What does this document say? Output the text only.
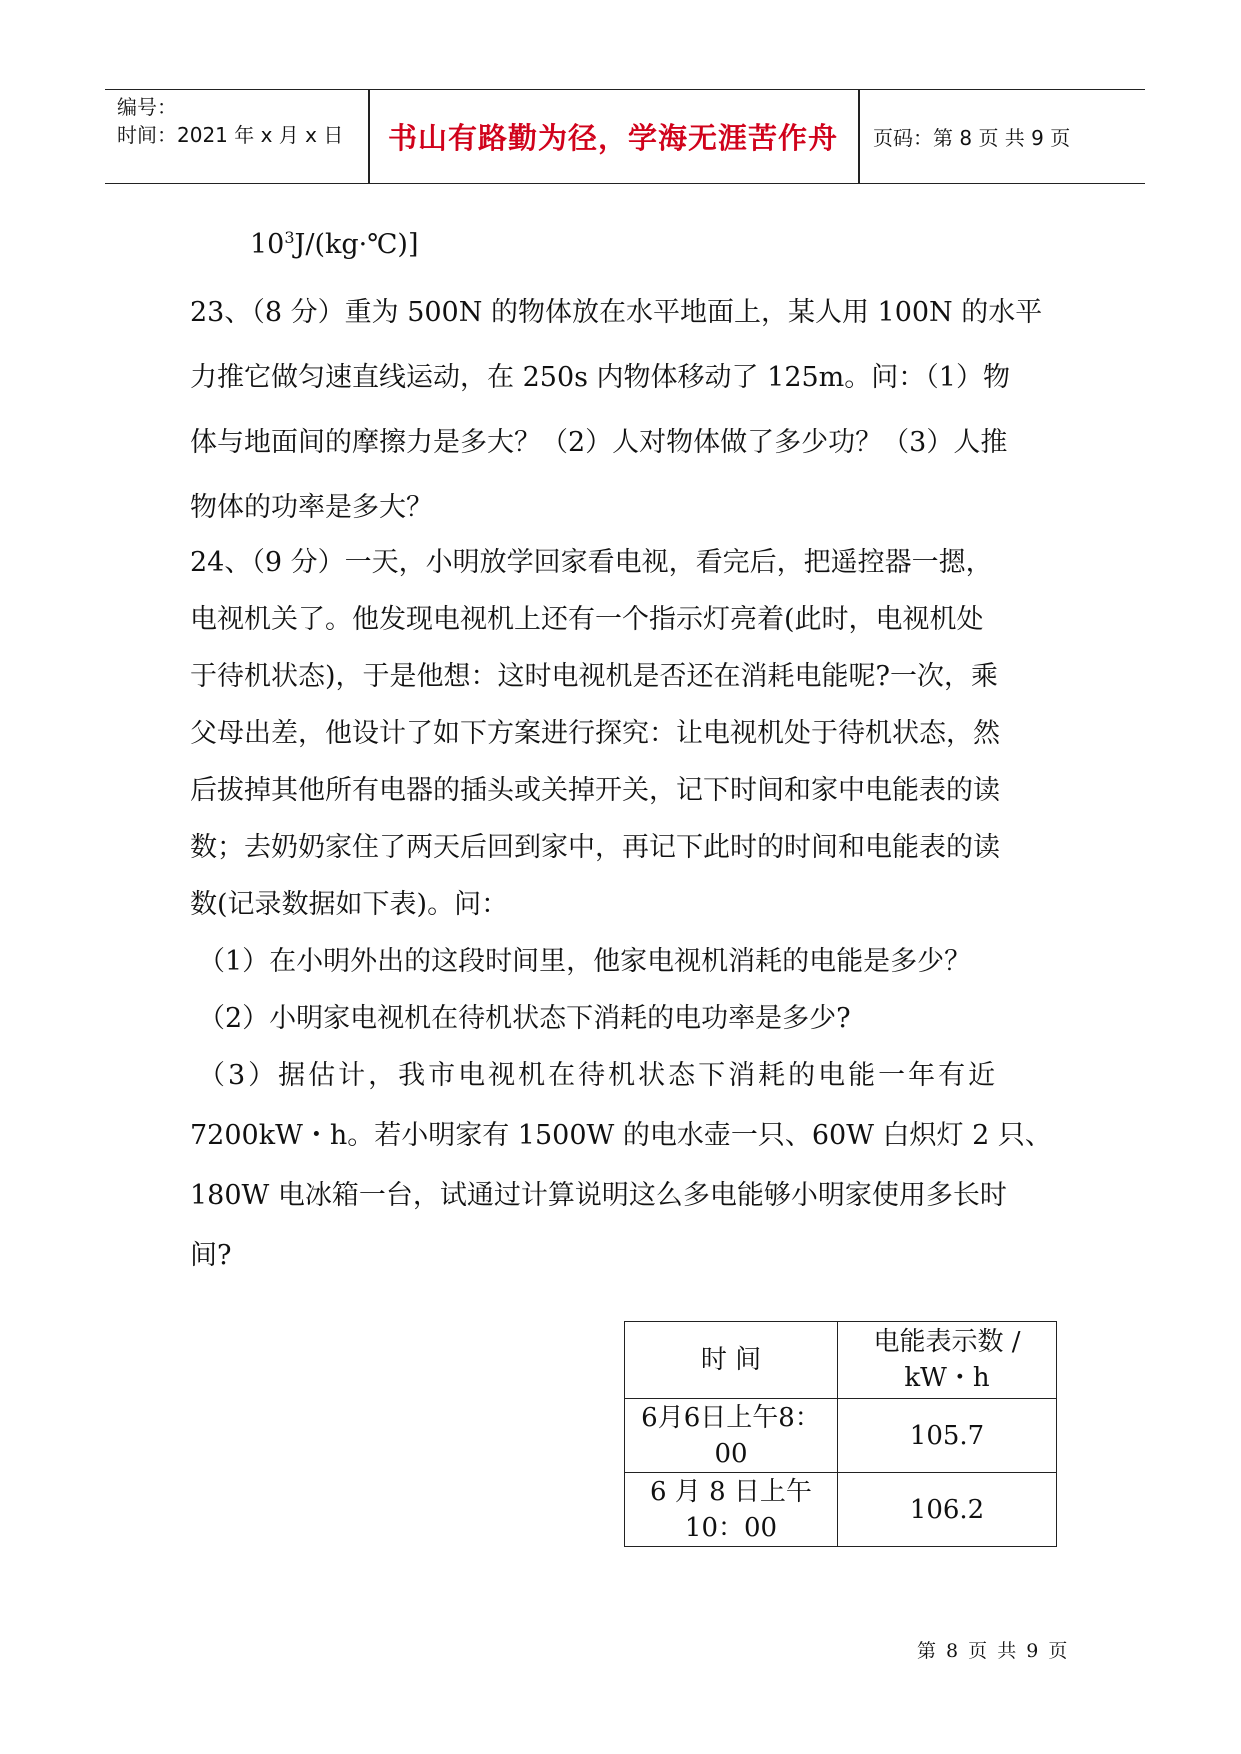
编号：
时间：2021 年 x 月 x 日	书山有路勤为径，学海无涯苦作舟	页码：第 8 页 共 9 页
$10^3J/(kg\cdot℃)$]
23、（8 分）重为 500N 的物体放在水平地面上，某人用 100N 的水平
力推它做匀速直线运动，在 250s 内物体移动了 125m。问：（1）物
体与地面间的摩擦力是多大？（2）人对物体做了多少功？（3）人推
物体的功率是多大？
24、（9 分）一天，小明放学回家看电视，看完后，把遥控器一摁，
电视机关了。他发现电视机上还有一个指示灯亮着(此时，电视机处
于待机状态)，于是他想：这时电视机是否还在消耗电能呢?一次，乘
父母出差，他设计了如下方案进行探究：让电视机处于待机状态，然
后拔掉其他所有电器的插头或关掉开关，记下时间和家中电能表的读
数；去奶奶家住了两天后回到家中，再记下此时的时间和电能表的读
数(记录数据如下表)。问：
（1）在小明外出的这段时间里，他家电视机消耗的电能是多少？
（2）小明家电视机在待机状态下消耗的电功率是多少?
（3）据估计，我市电视机在待机状态下消耗的电能一年有近
7200kW・h。若小明家有 1500W 的电水壶一只、60W 白炽灯 2 只、
180W 电冰箱一台，试通过计算说明这么多电能够小明家使用多长时
间?
时 间	电能表示数 /
kW・h

6月6日上午8：
00	105.7

6 月 8 日上午
10：00	106.2
第 8 页 共 9 页
